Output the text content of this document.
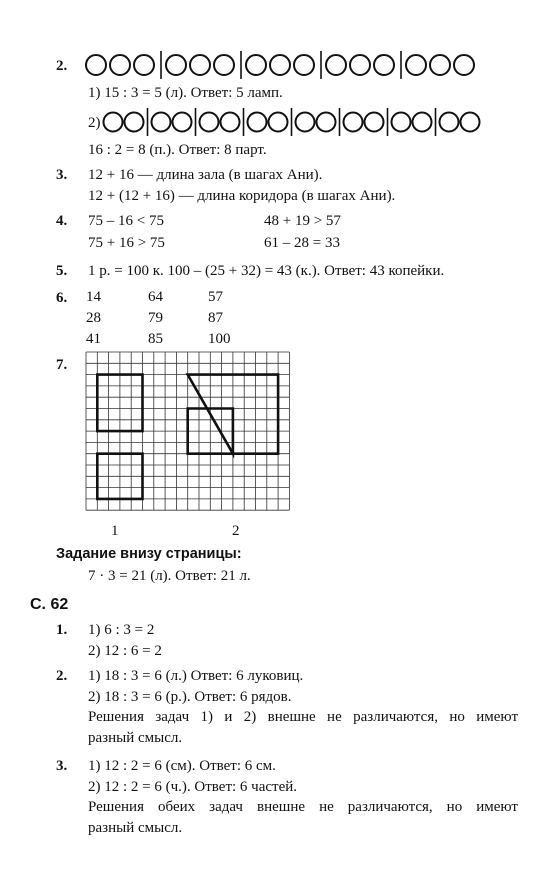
2.
1) 15 : 3 = 5 (л). Ответ: 5 ламп.
2)
16 : 2 = 8 (п.). Ответ: 8 парт.
3. 12 + 16 — длина зала (в шагах Ани).
12 + (12 + 16) — длина коридора (в шагах Ани).
4. 75 – 16 < 75
75 + 16 > 75
48 + 19 > 57
61 – 28 = 33
5. 1 р. = 100 к. 100 – (25 + 32) = 43 (к.). Ответ: 43 копейки.
6. 14
28
41
64
79
85
57
87
100
7.
1	2
Задание внизу страницы:
7 · 3 = 21 (л). Ответ: 21 л.
С. 62
1. 1) 6 : 3 = 2
2) 12 : 6 = 2
2. 1) 18 : 3 = 6 (л.) Ответ: 6 луковиц.
2) 18 : 3 = 6 (р.). Ответ: 6 рядов.
Решения задач 1) и 2) внешне не различаются, но имеют
разный смысл.
3. 1) 12 : 2 = 6 (см). Ответ: 6 см.
2) 12 : 2 = 6 (ч.). Ответ: 6 частей.
Решения обеих задач внешне не различаются, но имеют
разный смысл.
